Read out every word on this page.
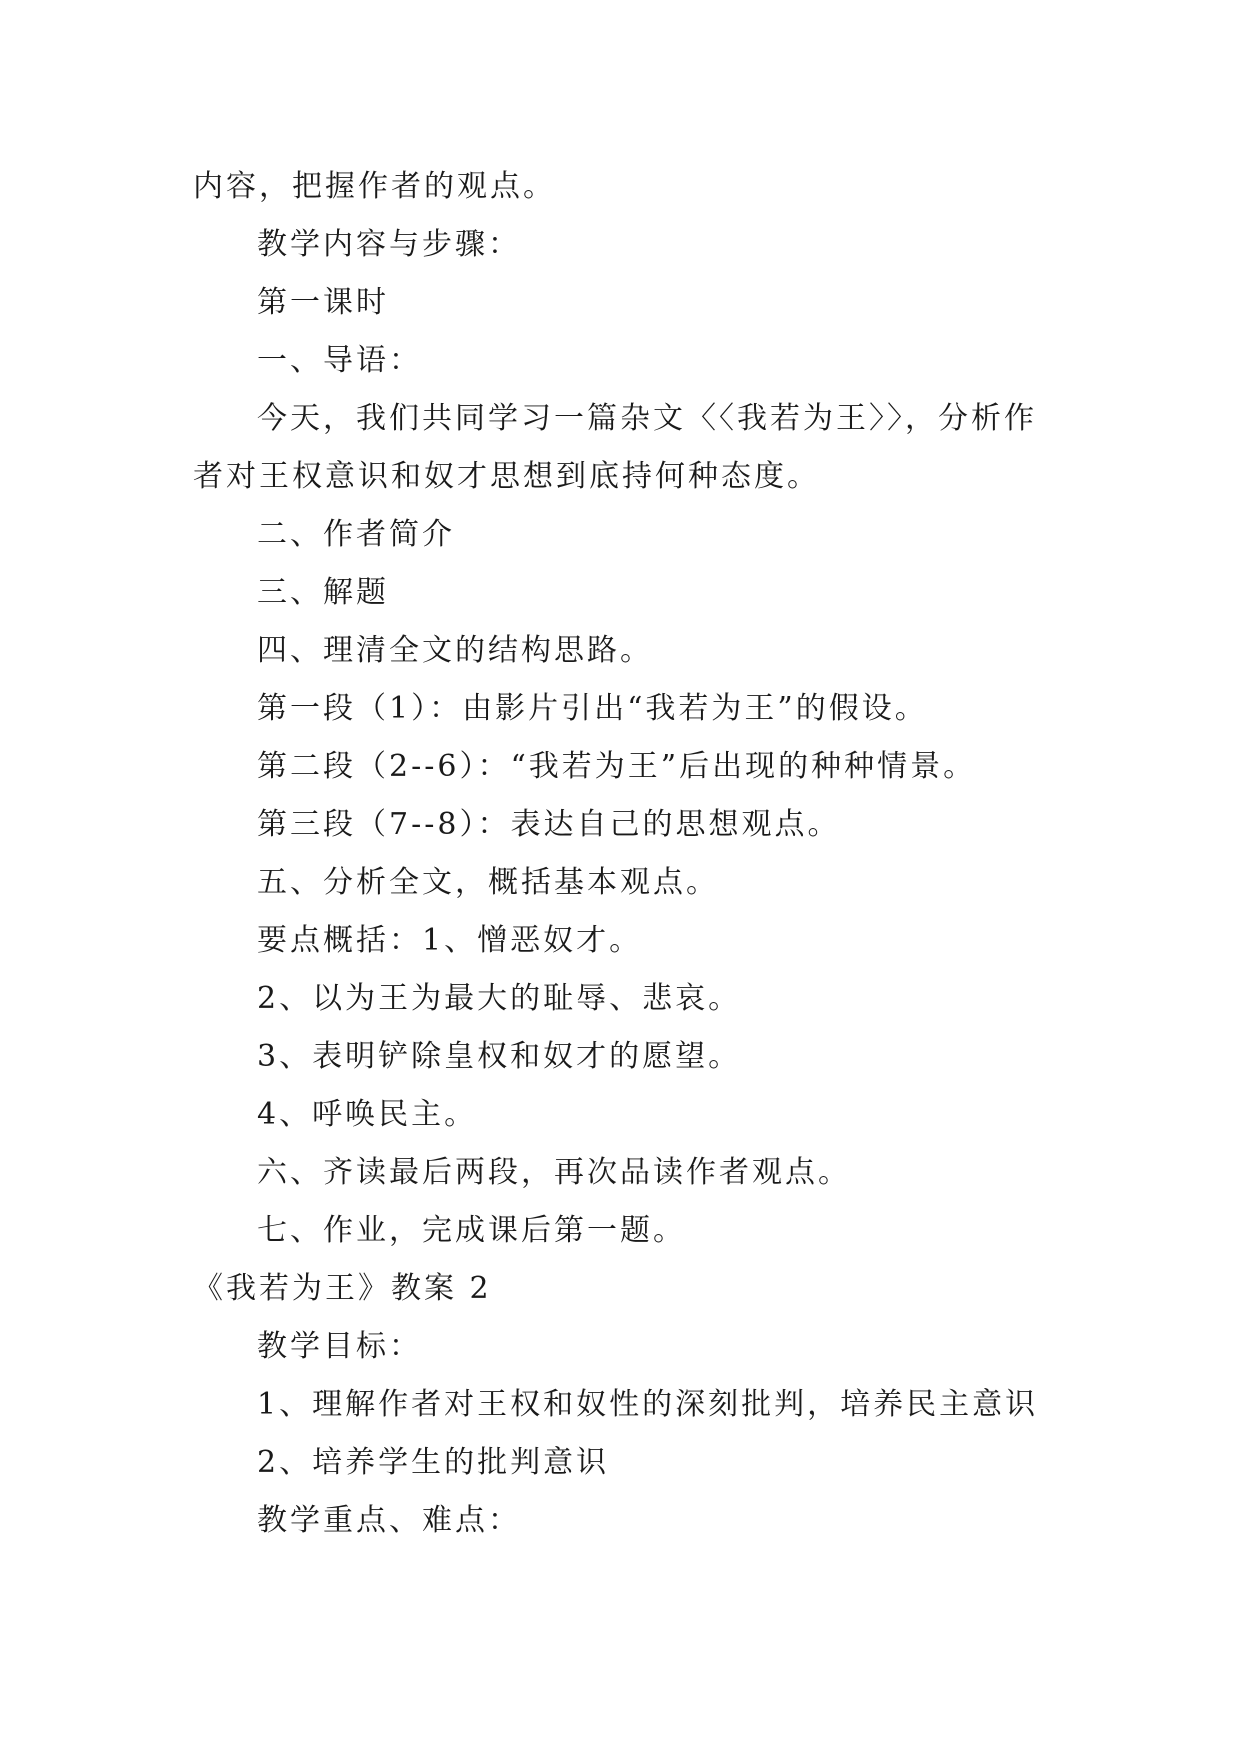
内容，把握作者的观点。
教学内容与步骤：
第一课时
一、导语：
今天，我们共同学习一篇杂文〈〈我若为王〉〉，分析作
者对王权意识和奴才思想到底持何种态度。
二、作者简介
三、解题
四、理清全文的结构思路。
第一段（1）：由影片引出“我若为王”的假设。
第二段（2--6）：“我若为王”后出现的种种情景。
第三段（7--8）：表达自己的思想观点。
五、分析全文，概括基本观点。
要点概括：1、憎恶奴才。
2、以为王为最大的耻辱、悲哀。
3、表明铲除皇权和奴才的愿望。
4、呼唤民主。
六、齐读最后两段，再次品读作者观点。
七、作业，完成课后第一题。
《我若为王》教案 2
教学目标：
1、理解作者对王权和奴性的深刻批判，培养民主意识
2、培养学生的批判意识
教学重点、难点：
